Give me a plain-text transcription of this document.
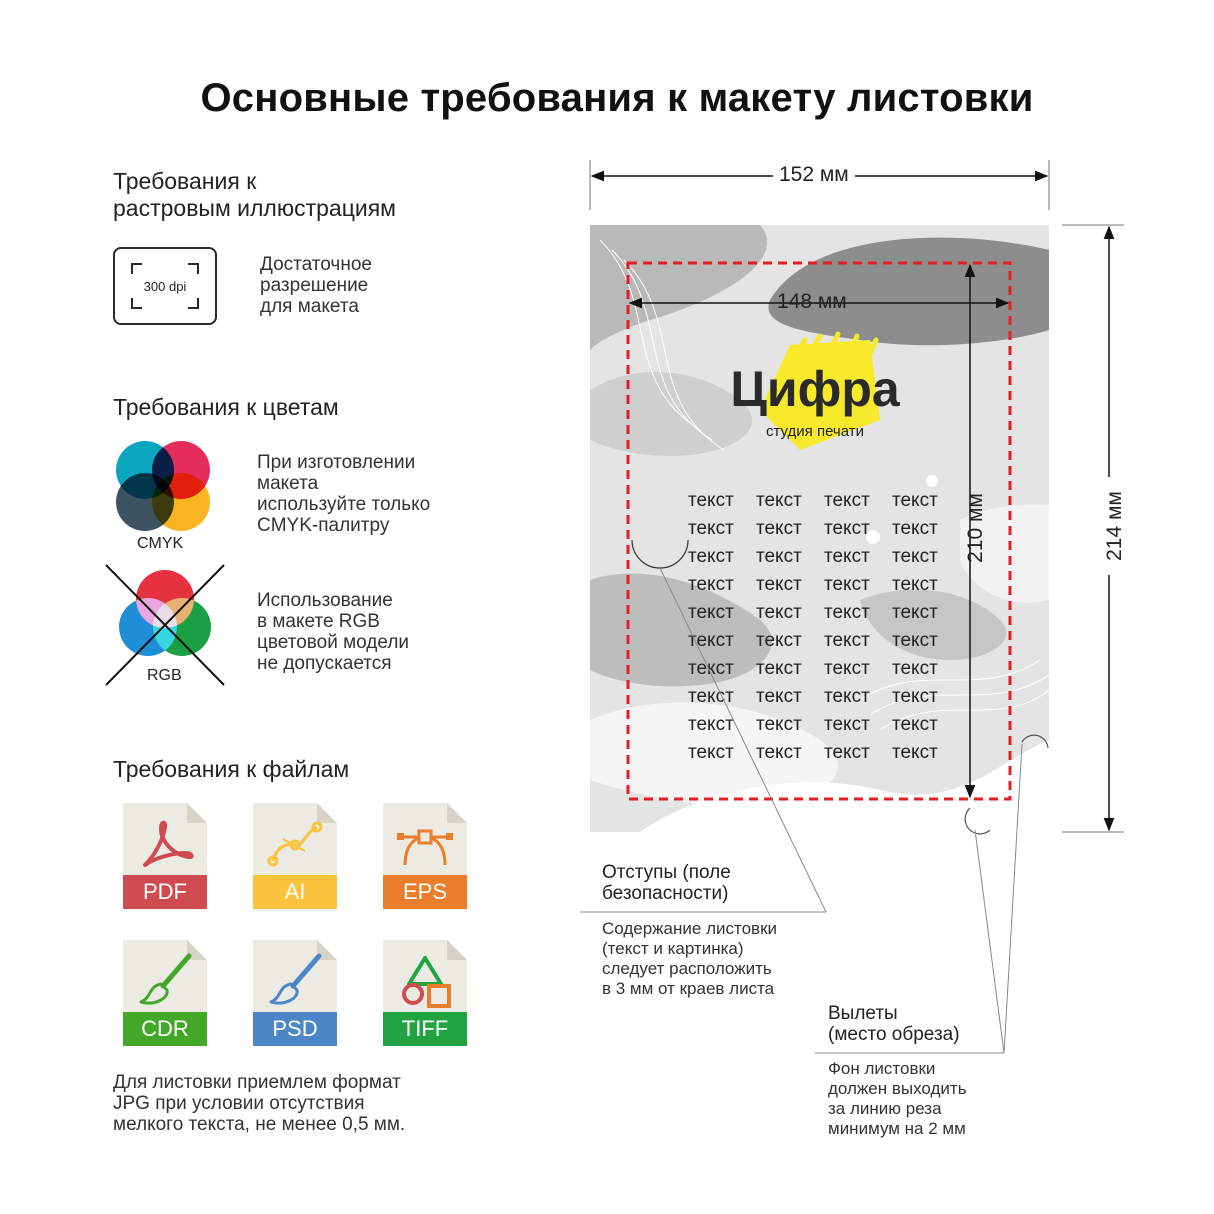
Основные требования к макету листовки
Требования к
растровым иллюстрациям
300 dpi
Достаточное
разрешение
для макета
Требования к цветам
CMYK
При изготовлении
макета
используйте только
CMYK-палитру
RGB
Использование
в макете RGB
цветовой модели
не допускается
Требования к файлам
PDF	AI	EPS
CDR	PSD	TIFF
Для листовки приемлем формат
JPG при условии отсутствия
мелкого текста, не менее 0,5 мм.
Цифра
студия печати
текст текст текст текст
текст текст текст текст
текст текст текст текст
текст текст текст текст
текст текст текст текст
текст текст текст текст
текст текст текст текст
текст текст текст текст
текст текст текст текст
текст текст текст текст
152 мм
148 мм
210 мм	214 мм
Отступы (поле
безопасности)
Содержание листовки
(текст и картинка)
следует расположить
в 3 мм от краев листа
Вылеты
(место обреза)
Фон листовки
должен выходить
за линию реза
минимум на 2 мм
